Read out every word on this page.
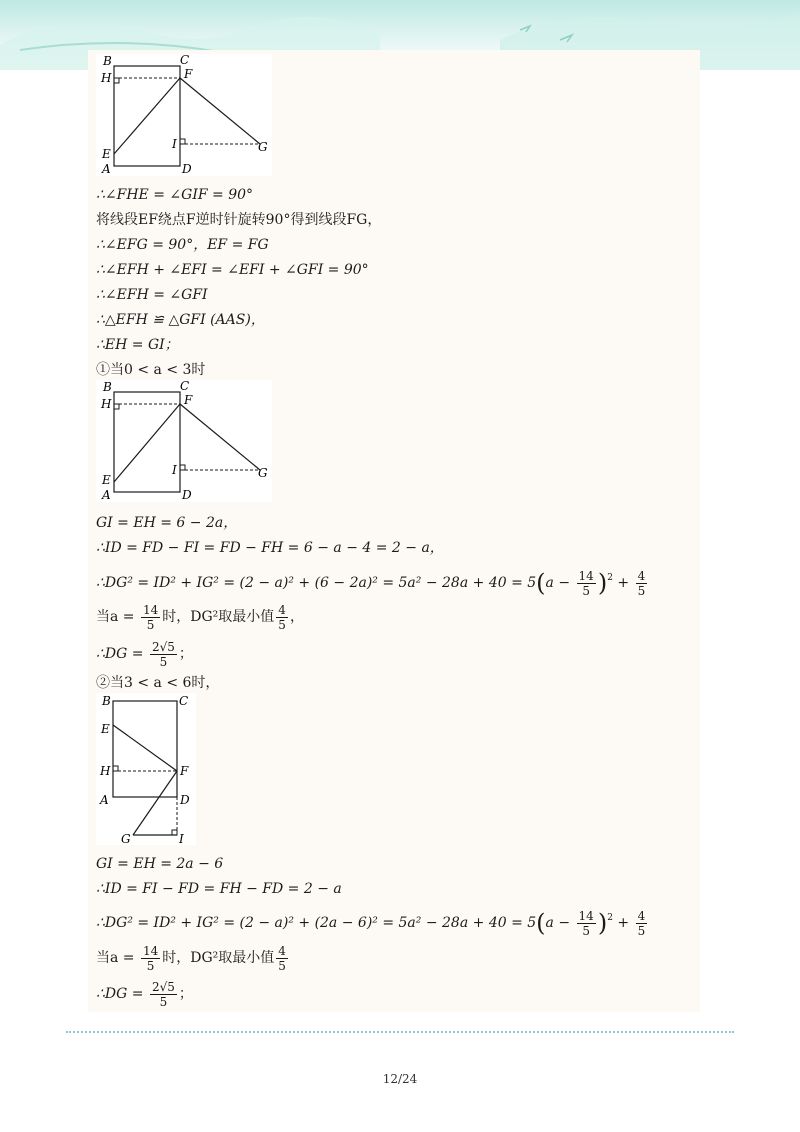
B	C
H	F
I	G
E
A	D
∴∠FHE = ∠GIF = 90°
将线段EF绕点F逆时针旋转90°得到线段FG，
∴∠EFG = 90°，EF = FG
∴∠EFH + ∠EFI = ∠EFI + ∠GFI = 90°
∴∠EFH = ∠GFI
∴△EFH ≌ △GFI (AAS)，
∴EH = GI；
①当0 < a < 3时
B	C
H	F
I	G
E
A	D
GI = EH = 6 − 2a，
∴ID = FD − FI = FD − FH = 6 − a − 4 = 2 − a，
∴DG² = $ID^2 + IG^2 = (2 - a)^2 + (6 - 2a)^2 = 5a^2 - 28a + 40 = 5(a - \frac{14}{5} )^2 + \frac{4}{5}$
当$a = \frac{14}{5}$ 时，DG²取最小值 $\frac{4}{5}$ ，
∴DG = $\frac{2√5}{5}$ ；
②当3 < a < 6时，
B	C
E
H	F
A	D
G	I
GI = EH = 2a − 6
∴ID = FI − FD = FH − FD = 2 − a
∴DG² = $ID^2 + IG^2 = (2 - a)^2 + (2a - 6)^2 = 5a^2 - 28a + 40 = 5(a - \frac{14}{5} )^2 + \frac{4}{5}$
当$a = \frac{14}{5}$ 时，DG²取最小值 $\frac{4}{5}$
∴DG = $\frac{2√5}{5}$ ；
12/24
